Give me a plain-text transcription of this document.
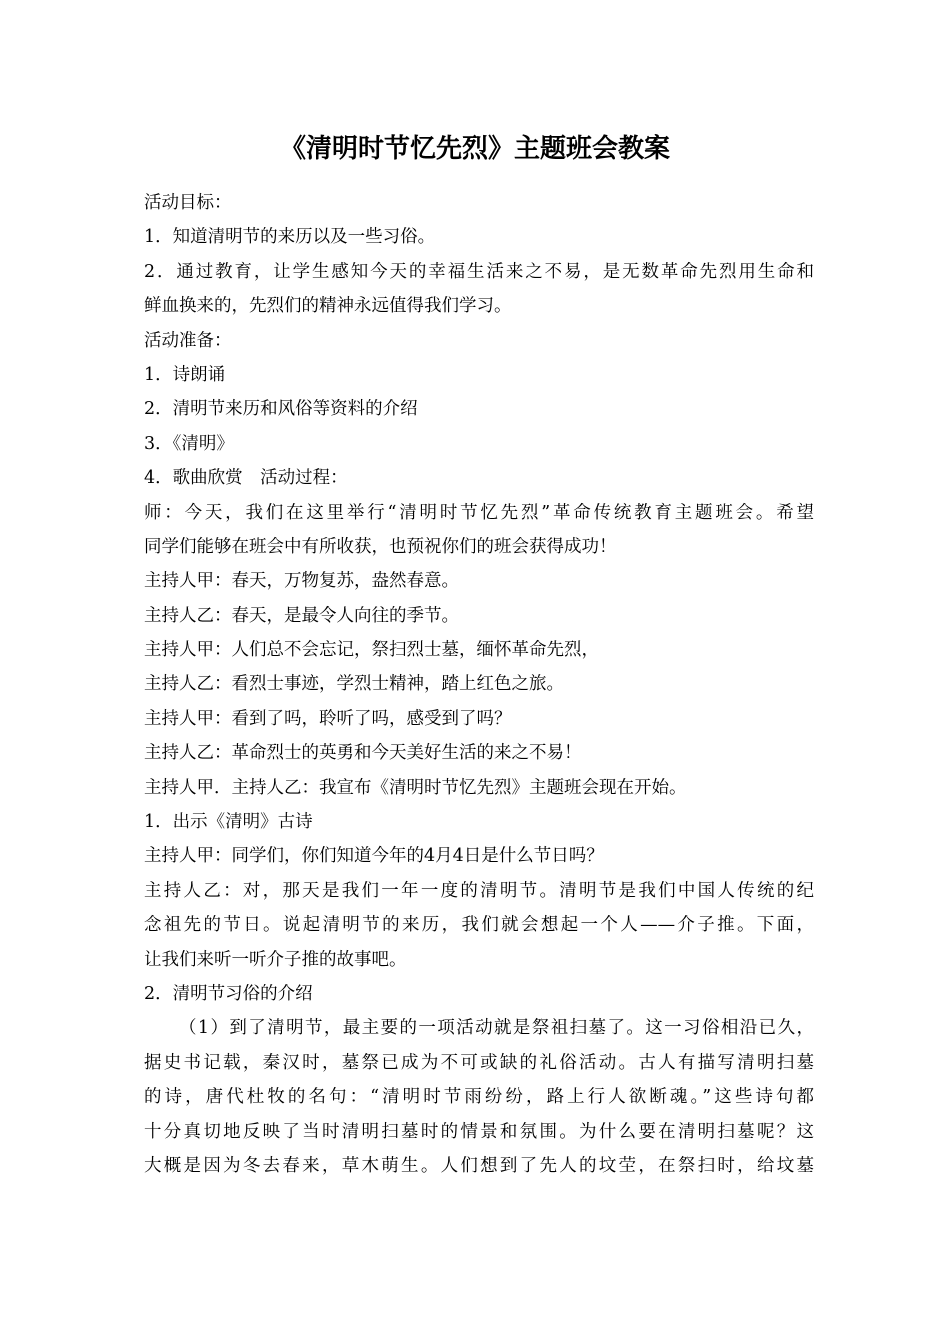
《清明时节忆先烈》主题班会教案
活动目标：
1．知道清明节的来历以及一些习俗。
2．通过教育，让学生感知今天的幸福生活来之不易，是无数革命先烈用生命和
鲜血换来的，先烈们的精神永远值得我们学习。
活动准备：
1．诗朗诵
2．清明节来历和风俗等资料的介绍
3．《清明》
4．歌曲欣赏　活动过程：
师：今天，我们在这里举行“清明时节忆先烈”革命传统教育主题班会。希望
同学们能够在班会中有所收获，也预祝你们的班会获得成功！
主持人甲：春天，万物复苏，盎然春意。
主持人乙：春天，是最令人向往的季节。
主持人甲：人们总不会忘记，祭扫烈士墓，缅怀革命先烈，
主持人乙：看烈士事迹，学烈士精神，踏上红色之旅。
主持人甲：看到了吗，聆听了吗，感受到了吗？
主持人乙：革命烈士的英勇和今天美好生活的来之不易！
主持人甲．主持人乙：我宣布《清明时节忆先烈》主题班会现在开始。
1．出示《清明》古诗
主持人甲：同学们，你们知道今年的4月4日是什么节日吗？
主持人乙：对，那天是我们一年一度的清明节。清明节是我们中国人传统的纪
念祖先的节日。说起清明节的来历，我们就会想起一个人——介子推。下面，
让我们来听一听介子推的故事吧。
2．清明节习俗的介绍
（1）到了清明节，最主要的一项活动就是祭祖扫墓了。这一习俗相沿已久，
据史书记载，秦汉时，墓祭已成为不可或缺的礼俗活动。古人有描写清明扫墓
的诗，唐代杜牧的名句：“清明时节雨纷纷，路上行人欲断魂。”这些诗句都
十分真切地反映了当时清明扫墓时的情景和氛围。为什么要在清明扫墓呢？这
大概是因为冬去春来，草木萌生。人们想到了先人的坟茔，在祭扫时，给坟墓
